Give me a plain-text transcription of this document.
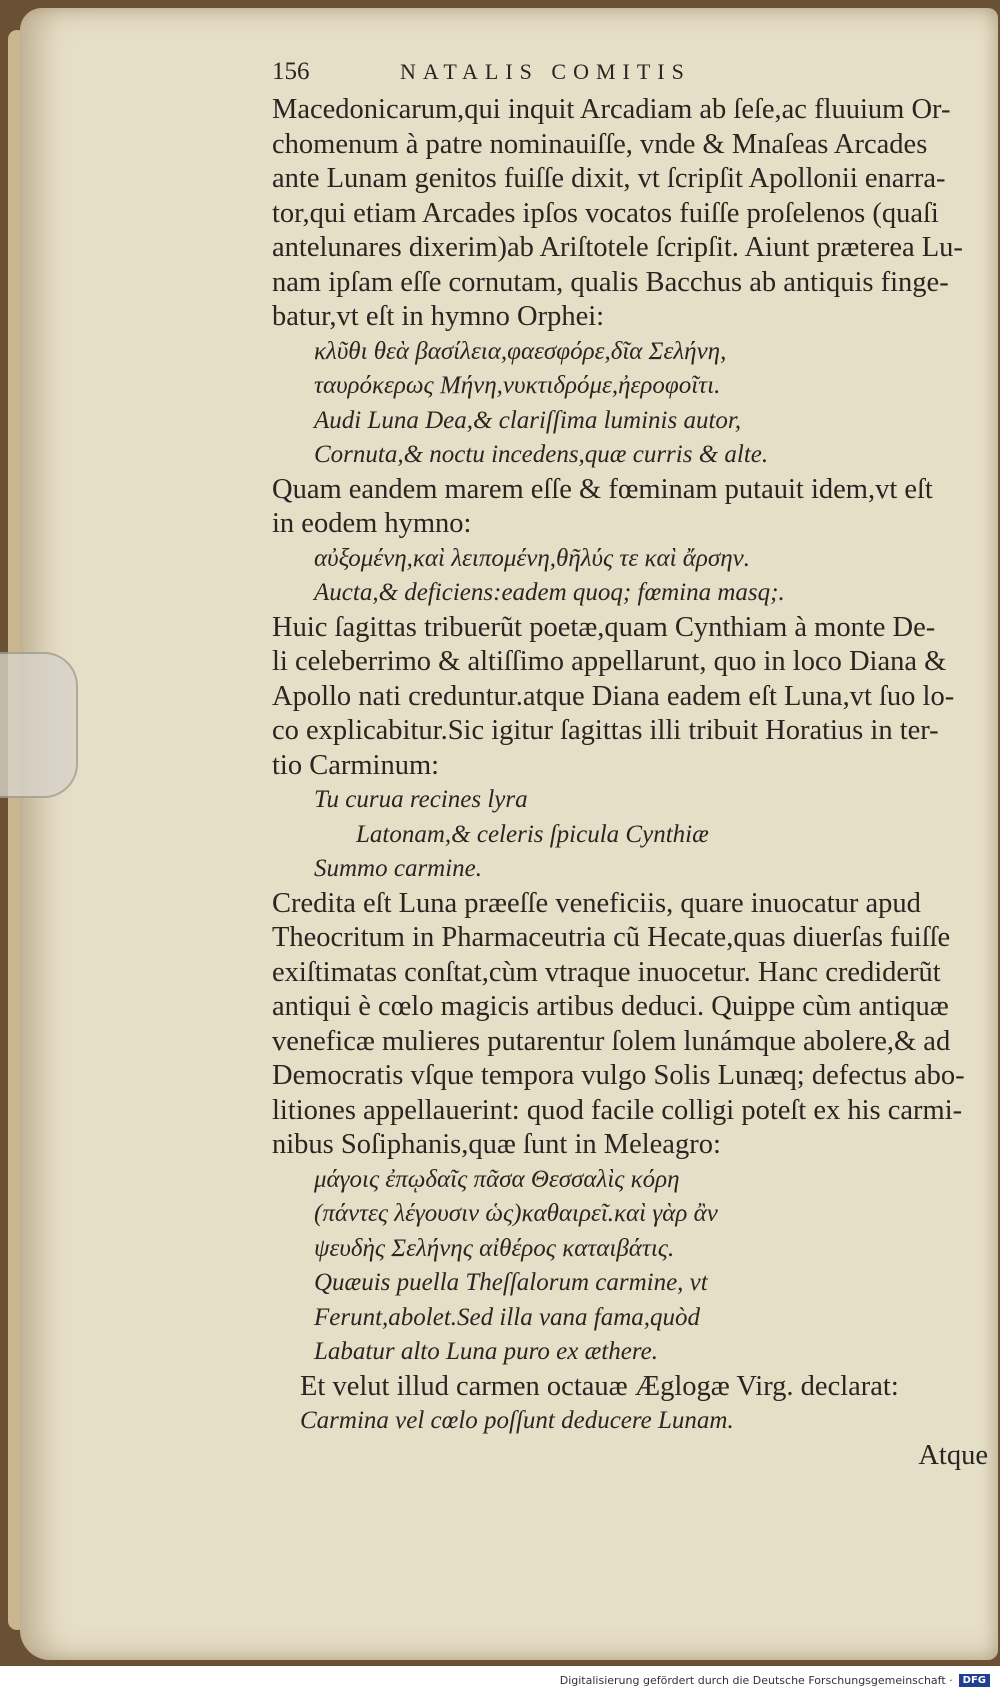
156	NATALIS COMITIS
Macedonicarum,qui inquit Arcadiam ab ſeſe,ac fluuium Or-
chomenum à patre nominauiſſe, vnde & Mnaſeas Arcades
ante Lunam genitos fuiſſe dixit, vt ſcripſit Apollonii enarra-
tor,qui etiam Arcades ipſos vocatos fuiſſe proſelenos (quaſi
antelunares dixerim)ab Ariſtotele ſcripſit. Aiunt præterea Lu-
nam ipſam eſſe cornutam, qualis Bacchus ab antiquis finge-
batur,vt eſt in hymno Orphei:
κλῦθι θεὰ βασίλεια,φαεσφόρε,δῖα Σελήνη,
ταυρόκερως Μήνη,νυκτιδρόμε,ἠεροφοῖτι.
Audi Luna Dea,& clariſſima luminis autor,
Cornuta,& noctu incedens,quæ curris & alte.
Quam eandem marem eſſe & fœminam putauit idem,vt eſt
in eodem hymno:
αὐξομένη,καὶ λειπομένη,θῆλύς τε καὶ ἄρσην.
Aucta,& deficiens:eadem quoq; fœmina masq;.
Huic ſagittas tribuerũt poetæ,quam Cynthiam à monte De-
li celeberrimo & altiſſimo appellarunt, quo in loco Diana &
Apollo nati creduntur.atque Diana eadem eſt Luna,vt ſuo lo-
co explicabitur.Sic igitur ſagittas illi tribuit Horatius in ter-
tio Carminum:
Tu curua recines lyra
Latonam,& celeris ſpicula Cynthiæ
Summo carmine.
Credita eſt Luna præeſſe veneficiis, quare inuocatur apud
Theocritum in Pharmaceutria cũ Hecate,quas diuerſas fuiſſe
exiſtimatas conſtat,cùm vtraque inuocetur. Hanc crediderũt
antiqui è cœlo magicis artibus deduci. Quippe cùm antiquæ
veneficæ mulieres putarentur ſolem lunámque abolere,& ad
Democratis vſque tempora vulgo Solis Lunæq; defectus abo-
litiones appellauerint: quod facile colligi poteſt ex his carmi-
nibus Soſiphanis,quæ ſunt in Meleagro:
μάγοις ἐπῳδαῖς πᾶσα Θεσσαλὶς κόρη
(πάντες λέγουσιν ὡς)καθαιρεῖ.καὶ γὰρ ἂν
ψευδὴς Σελήνης αἰθέρος καταιβάτις.
Quæuis puella Theſſalorum carmine, vt
Ferunt,abolet.Sed illa vana fama,quòd
Labatur alto Luna puro ex æthere.
Et velut illud carmen octauæ Æglogæ Virg. declarat:
Carmina vel cœlo poſſunt deducere Lunam.
Atque
Digitalisierung gefördert durch die Deutsche Forschungsgemeinschaft ·	DFG
